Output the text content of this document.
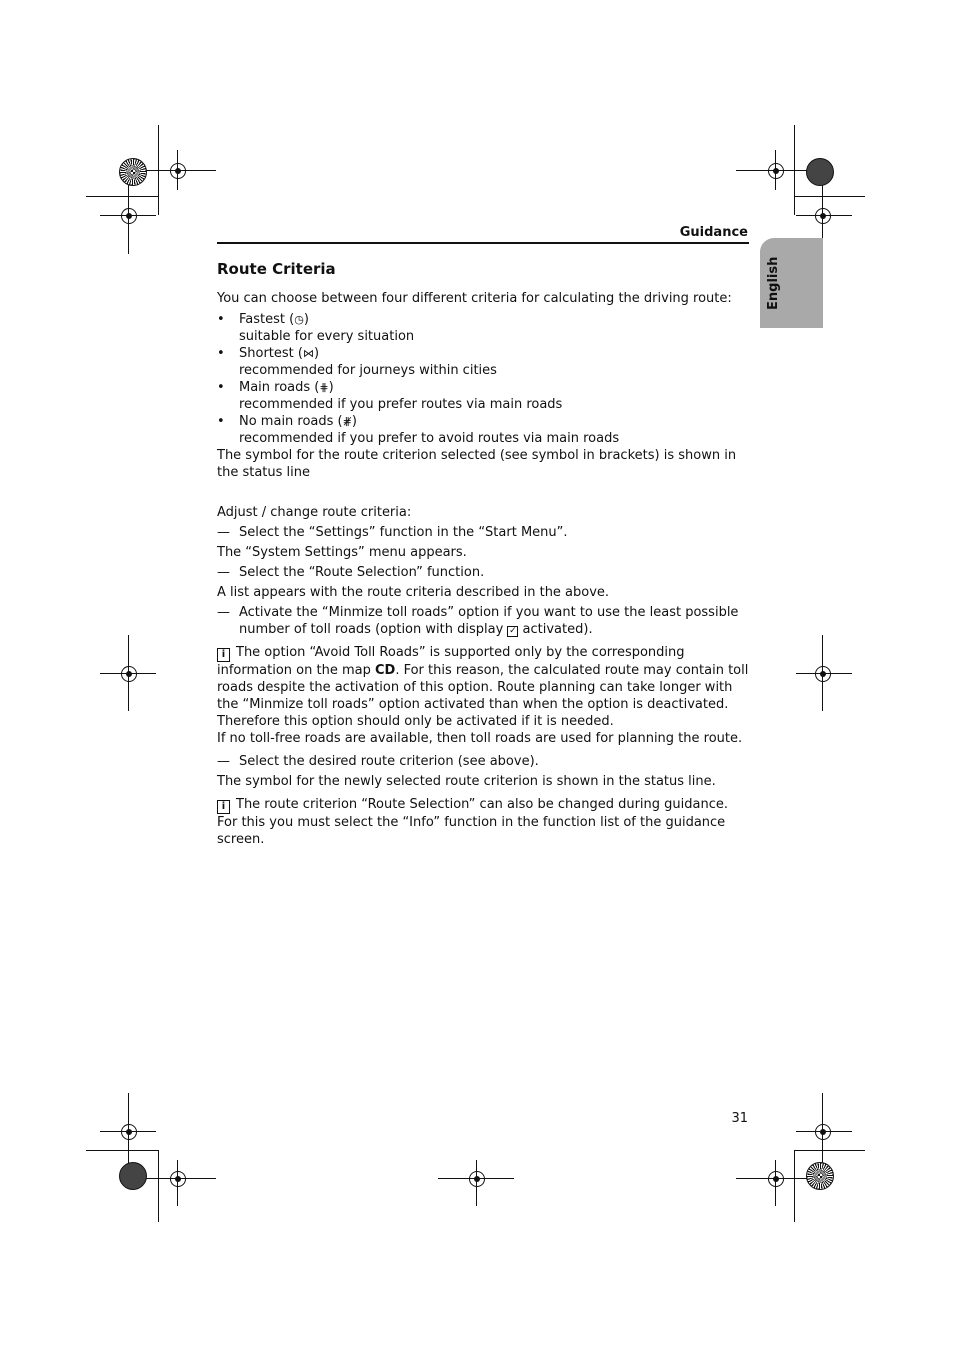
Guidance
English
Route Criteria

You can choose between four different criteria for calculating the driving route:

•	Fastest (◷)
suitable for every situation
•	Shortest (⋈)
recommended for journeys within cities
•	Main roads (⋕)
recommended if you prefer routes via main roads
•	No main roads (⋕̸)
recommended if you prefer to avoid routes via main roads

The symbol for the route criterion selected (see symbol in brackets) is shown in the status line

Adjust / change route criteria:

— Select the “Settings” function in the “Start Menu”.

The “System Settings” menu appears.

— Select the “Route Selection” function.

A list appears with the route criteria described in the above.

— Activate the “Minmize toll roads” option if you want to use the least possible number of toll roads (option with display ✓ activated).

i The option “Avoid Toll Roads” is supported only by the corresponding information on the map CD. For this reason, the calculated route may contain toll roads despite the activation of this option. Route planning can take longer with the “Minmize toll roads” option activated than when the option is deactivated. Therefore this option should only be activated if it is needed.

If no toll-free roads are available, then toll roads are used for planning the route.

— Select the desired route criterion (see above).

The symbol for the newly selected route criterion is shown in the status line.

i The route criterion “Route Selection” can also be changed during guidance. For this you must select the “Info” function in the function list of the guidance screen.

31
